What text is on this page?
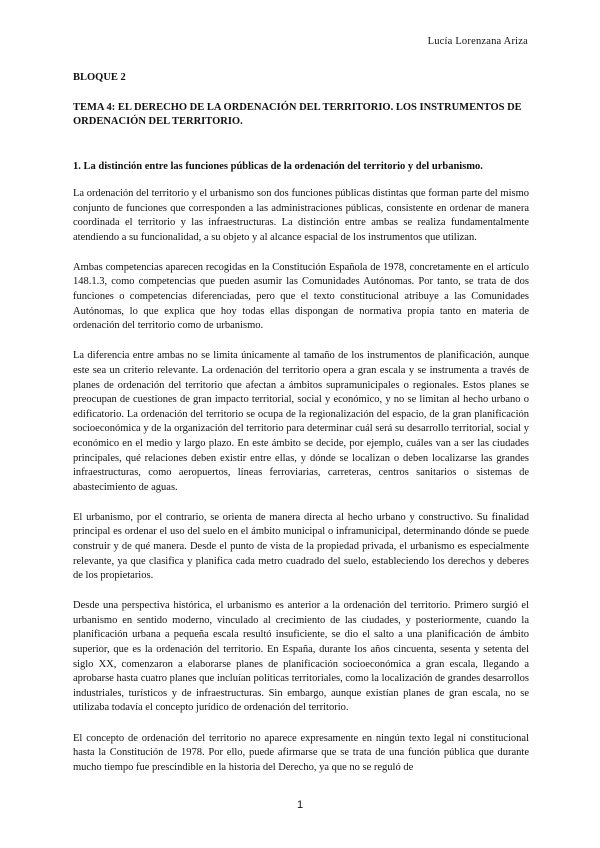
Lucía Lorenzana Ariza
BLOQUE 2
TEMA 4: EL DERECHO DE LA ORDENACIÓN DEL TERRITORIO. LOS INSTRUMENTOS DE ORDENACIÓN DEL TERRITORIO.
1. La distinción entre las funciones públicas de la ordenación del territorio y del urbanismo.

La ordenación del territorio y el urbanismo son dos funciones públicas distintas que forman parte del mismo conjunto de funciones que corresponden a las administraciones públicas, consistente en ordenar de manera coordinada el territorio y las infraestructuras. La distinción entre ambas se realiza fundamentalmente atendiendo a su funcionalidad, a su objeto y al alcance espacial de los instrumentos que utilizan.

Ambas competencias aparecen recogidas en la Constitución Española de 1978, concretamente en el artículo 148.1.3, como competencias que pueden asumir las Comunidades Autónomas. Por tanto, se trata de dos funciones o competencias diferenciadas, pero que el texto constitucional atribuye a las Comunidades Autónomas, lo que explica que hoy todas ellas dispongan de normativa propia tanto en materia de ordenación del territorio como de urbanismo.

La diferencia entre ambas no se limita únicamente al tamaño de los instrumentos de planificación, aunque este sea un criterio relevante. La ordenación del territorio opera a gran escala y se instrumenta a través de planes de ordenación del territorio que afectan a ámbitos supramunicipales o regionales. Estos planes se preocupan de cuestiones de gran impacto territorial, social y económico, y no se limitan al hecho urbano o edificatorio. La ordenación del territorio se ocupa de la regionalización del espacio, de la gran planificación socioeconómica y de la organización del territorio para determinar cuál será su desarrollo territorial, social y económico en el medio y largo plazo. En este ámbito se decide, por ejemplo, cuáles van a ser las ciudades principales, qué relaciones deben existir entre ellas, y dónde se localizan o deben localizarse las grandes infraestructuras, como aeropuertos, líneas ferroviarias, carreteras, centros sanitarios o sistemas de abastecimiento de aguas.

El urbanismo, por el contrario, se orienta de manera directa al hecho urbano y constructivo. Su finalidad principal es ordenar el uso del suelo en el ámbito municipal o inframunicipal, determinando dónde se puede construir y de qué manera. Desde el punto de vista de la propiedad privada, el urbanismo es especialmente relevante, ya que clasifica y planifica cada metro cuadrado del suelo, estableciendo los derechos y deberes de los propietarios.

Desde una perspectiva histórica, el urbanismo es anterior a la ordenación del territorio. Primero surgió el urbanismo en sentido moderno, vinculado al crecimiento de las ciudades, y posteriormente, cuando la planificación urbana a pequeña escala resultó insuficiente, se dio el salto a una planificación de ámbito superior, que es la ordenación del territorio. En España, durante los años cincuenta, sesenta y setenta del siglo XX, comenzaron a elaborarse planes de planificación socioeconómica a gran escala, llegando a aprobarse hasta cuatro planes que incluían políticas territoriales, como la localización de grandes desarrollos industriales, turísticos y de infraestructuras. Sin embargo, aunque existían planes de gran escala, no se utilizaba todavía el concepto jurídico de ordenación del territorio.

El concepto de ordenación del territorio no aparece expresamente en ningún texto legal ni constitucional hasta la Constitución de 1978. Por ello, puede afirmarse que se trata de una función pública que durante mucho tiempo fue prescindible en la historia del Derecho, ya que no se reguló de

1
